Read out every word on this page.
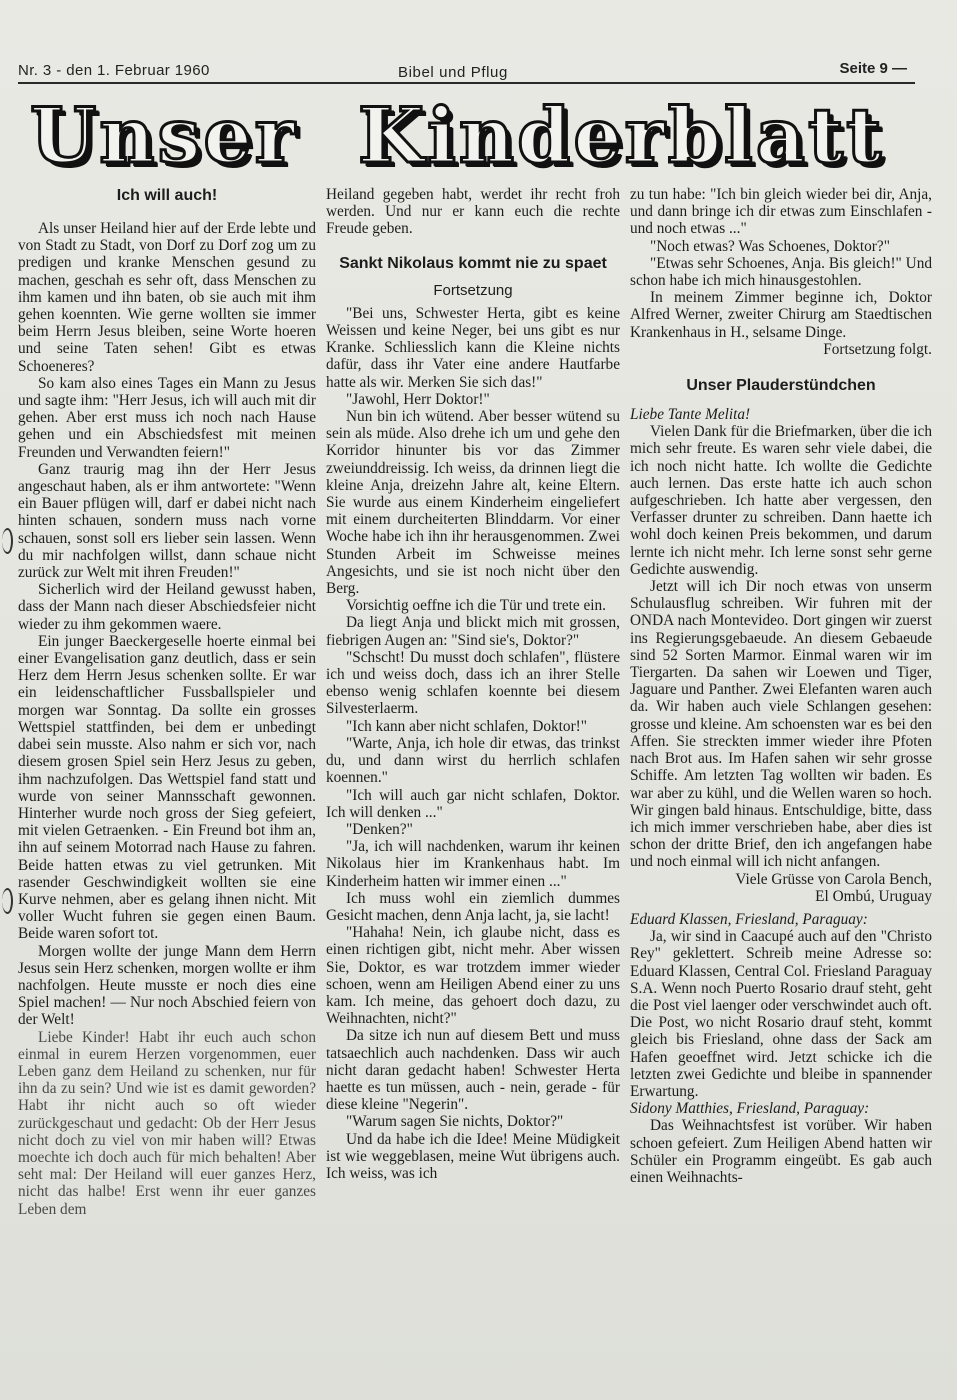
Nr. 3 - den 1. Februar 1960	Bibel und Pflug	Seite 9 —
Unser Kinderblatt
Ich will auch!

Als unser Heiland hier auf der Erde lebte und von Stadt zu Stadt, von Dorf zu Dorf zog um zu predigen und kranke Menschen gesund zu machen, geschah es sehr oft, dass Menschen zu ihm kamen und ihn baten, ob sie auch mit ihm gehen koennten. Wie gerne wollten sie immer beim Herrn Jesus bleiben, seine Worte hoeren und seine Taten sehen! Gibt es etwas Schoeneres?

So kam also eines Tages ein Mann zu Jesus und sagte ihm: "Herr Jesus, ich will auch mit dir gehen. Aber erst muss ich noch nach Hause gehen und ein Abschiedsfest mit meinen Freunden und Verwandten feiern!"

Ganz traurig mag ihn der Herr Jesus angeschaut haben, als er ihm antwortete: "Wenn ein Bauer pflügen will, darf er dabei nicht nach hinten schauen, sondern muss nach vorne schauen, sonst soll ers lieber sein lassen. Wenn du mir nachfolgen willst, dann schaue nicht zurück zur Welt mit ihren Freuden!"

Sicherlich wird der Heiland gewusst haben, dass der Mann nach dieser Abschiedsfeier nicht wieder zu ihm gekommen waere.

Ein junger Baeckergeselle hoerte einmal bei einer Evangelisation ganz deutlich, dass er sein Herz dem Herrn Jesus schenken sollte. Er war ein leidenschaftlicher Fussballspieler und morgen war Sonntag. Da sollte ein grosses Wettspiel stattfinden, bei dem er unbedingt dabei sein musste. Also nahm er sich vor, nach diesem grosen Spiel sein Herz Jesus zu geben, ihm nachzufolgen. Das Wettspiel fand statt und wurde von seiner Mannsschaft gewonnen. Hinterher wurde noch gross der Sieg gefeiert, mit vielen Getraenken. - Ein Freund bot ihm an, ihn auf seinem Motorrad nach Hause zu fahren. Beide hatten etwas zu viel getrunken. Mit rasender Geschwindigkeit wollten sie eine Kurve nehmen, aber es gelang ihnen nicht. Mit voller Wucht fuhren sie gegen einen Baum. Beide waren sofort tot.

Morgen wollte der junge Mann dem Herrn Jesus sein Herz schenken, morgen wollte er ihm nachfolgen. Heute musste er noch dies eine Spiel machen! — Nur noch Abschied feiern von der Welt!

Liebe Kinder! Habt ihr euch auch schon einmal in eurem Herzen vorgenommen, euer Leben ganz dem Heiland zu schenken, nur für ihn da zu sein? Und wie ist es damit geworden? Habt ihr nicht auch so oft wieder zurückgeschaut und gedacht: Ob der Herr Jesus nicht doch zu viel von mir haben will? Etwas moechte ich doch auch für mich behalten! Aber seht mal: Der Heiland will euer ganzes Herz, nicht das halbe! Erst wenn ihr euer ganzes Leben dem

Heiland gegeben habt, werdet ihr recht froh werden. Und nur er kann euch die rechte Freude geben.

Sankt Nikolaus kommt nie zu spaet
Fortsetzung

"Bei uns, Schwester Herta, gibt es keine Weissen und keine Neger, bei uns gibt es nur Kranke. Schliesslich kann die Kleine nichts dafür, dass ihr Vater eine andere Hautfarbe hatte als wir. Merken Sie sich das!"

"Jawohl, Herr Doktor!"

Nun bin ich wütend. Aber besser wütend su sein als müde. Also drehe ich um und gehe den Korridor hinunter bis vor das Zimmer zweiunddreissig. Ich weiss, da drinnen liegt die kleine Anja, dreizehn Jahre alt, keine Eltern. Sie wurde aus einem Kinderheim eingeliefert mit einem durcheiterten Blinddarm. Vor einer Woche habe ich ihn ihr herausgenommen. Zwei Stunden Arbeit im Schweisse meines Angesichts, und sie ist noch nicht über den Berg.

Vorsichtig oeffne ich die Tür und trete ein.

Da liegt Anja und blickt mich mit grossen, fiebrigen Augen an: "Sind sie's, Doktor?"

"Schscht! Du musst doch schlafen", flüstere ich und weiss doch, dass ich an ihrer Stelle ebenso wenig schlafen koennte bei diesem Silvesterlaerm.

"Ich kann aber nicht schlafen, Doktor!"

"Warte, Anja, ich hole dir etwas, das trinkst du, und dann wirst du herrlich schlafen koennen."

"Ich will auch gar nicht schlafen, Doktor. Ich will denken ..."

"Denken?"

"Ja, ich will nachdenken, warum ihr keinen Nikolaus hier im Krankenhaus habt. Im Kinderheim hatten wir immer einen ..."

Ich muss wohl ein ziemlich dummes Gesicht machen, denn Anja lacht, ja, sie lacht!

"Hahaha! Nein, ich glaube nicht, dass es einen richtigen gibt, nicht mehr. Aber wissen Sie, Doktor, es war trotzdem immer wieder schoen, wenn am Heiligen Abend einer zu uns kam. Ich meine, das gehoert doch dazu, zu Weihnachten, nicht?"

Da sitze ich nun auf diesem Bett und muss tatsaechlich auch nachdenken. Dass wir auch nicht daran gedacht haben! Schwester Herta haette es tun müssen, auch - nein, gerade - für diese kleine "Negerin".

"Warum sagen Sie nichts, Doktor?"

Und da habe ich die Idee! Meine Müdigkeit ist wie weggeblasen, meine Wut übrigens auch. Ich weiss, was ich

zu tun habe: "Ich bin gleich wieder bei dir, Anja, und dann bringe ich dir etwas zum Einschlafen - und noch etwas ..."

"Noch etwas? Was Schoenes, Doktor?"

"Etwas sehr Schoenes, Anja. Bis gleich!" Und schon habe ich mich hinausgestohlen.

In meinem Zimmer beginne ich, Doktor Alfred Werner, zweiter Chirurg am Staedtischen Krankenhaus in H., selsame Dinge.

Fortsetzung folgt.

Unser Plauderstündchen

Liebe Tante Melita!

Vielen Dank für die Briefmarken, über die ich mich sehr freute. Es waren sehr viele dabei, die ich noch nicht hatte. Ich wollte die Gedichte auch lernen. Das erste hatte ich auch schon aufgeschrieben. Ich hatte aber vergessen, den Verfasser drunter zu schreiben. Dann haette ich wohl doch keinen Preis bekommen, und darum lernte ich nicht mehr. Ich lerne sonst sehr gerne Gedichte auswendig.

Jetzt will ich Dir noch etwas von unserm Schulausflug schreiben. Wir fuhren mit der ONDA nach Montevideo. Dort gingen wir zuerst ins Regierungsgebaeude. An diesem Gebaeude sind 52 Sorten Marmor. Einmal waren wir im Tiergarten. Da sahen wir Loewen und Tiger, Jaguare und Panther. Zwei Elefanten waren auch da. Wir haben auch viele Schlangen gesehen: grosse und kleine. Am schoensten war es bei den Affen. Sie streckten immer wieder ihre Pfoten nach Brot aus. Im Hafen sahen wir sehr grosse Schiffe. Am letzten Tag wollten wir baden. Es war aber zu kühl, und die Wellen waren so hoch. Wir gingen bald hinaus. Entschuldige, bitte, dass ich mich immer verschrieben habe, aber dies ist schon der dritte Brief, den ich angefangen habe und noch einmal will ich nicht anfangen.

Viele Grüsse von Carola Bench,

El Ombú, Uruguay

Eduard Klassen, Friesland, Paraguay:

Ja, wir sind in Caacupé auch auf den "Christo Rey" geklettert. Schreib meine Adresse so: Eduard Klassen, Central Col. Friesland Paraguay S.A. Wenn noch Puerto Rosario drauf steht, geht die Post viel laenger oder verschwindet auch oft. Die Post, wo nicht Rosario drauf steht, kommt gleich bis Friesland, ohne dass der Sack am Hafen geoeffnet wird. Jetzt schicke ich die letzten zwei Gedichte und bleibe in spannender Erwartung.

Sidony Matthies, Friesland, Paraguay:

Das Weihnachtsfest ist vorüber. Wir haben schoen gefeiert. Zum Heiligen Abend hatten wir Schüler ein Programm eingeübt. Es gab auch einen Weihnachts-
